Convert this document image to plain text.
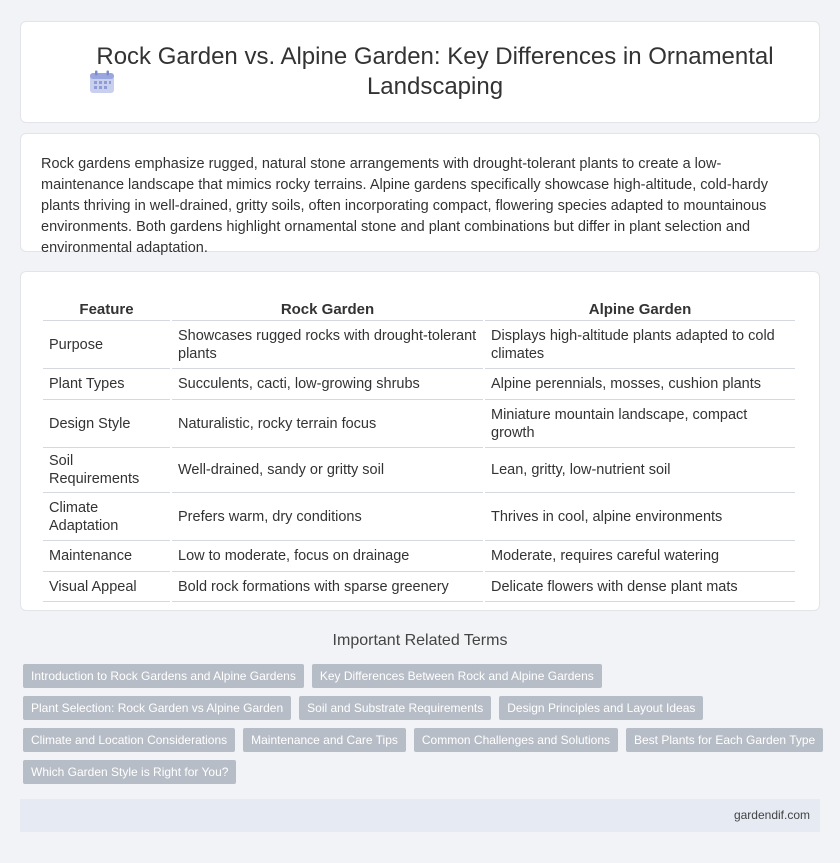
Rock Garden vs. Alpine Garden: Key Differences in Ornamental Landscaping

Rock gardens emphasize rugged, natural stone arrangements with drought-tolerant plants to create a low-maintenance landscape that mimics rocky terrains. Alpine gardens specifically showcase high-altitude, cold-hardy plants thriving in well-drained, gritty soils, often incorporating compact, flowering species adapted to mountainous environments. Both gardens highlight ornamental stone and plant combinations but differ in plant selection and environmental adaptation.

Feature	Rock Garden	Alpine Garden
Purpose	Showcases rugged rocks with drought-tolerant plants	Displays high-altitude plants adapted to cold climates
Plant Types	Succulents, cacti, low-growing shrubs	Alpine perennials, mosses, cushion plants
Design Style	Naturalistic, rocky terrain focus	Miniature mountain landscape, compact growth
Soil Requirements	Well-drained, sandy or gritty soil	Lean, gritty, low-nutrient soil
Climate Adaptation	Prefers warm, dry conditions	Thrives in cool, alpine environments
Maintenance	Low to moderate, focus on drainage	Moderate, requires careful watering
Visual Appeal	Bold rock formations with sparse greenery	Delicate flowers with dense plant mats
Important Related Terms
Introduction to Rock Gardens and Alpine Gardens	Key Differences Between Rock and Alpine Gardens
Plant Selection: Rock Garden vs Alpine Garden	Soil and Substrate Requirements	Design Principles and Layout Ideas
Climate and Location Considerations	Maintenance and Care Tips	Common Challenges and Solutions	Best Plants for Each Garden Type
Which Garden Style is Right for You?
gardendif.com
